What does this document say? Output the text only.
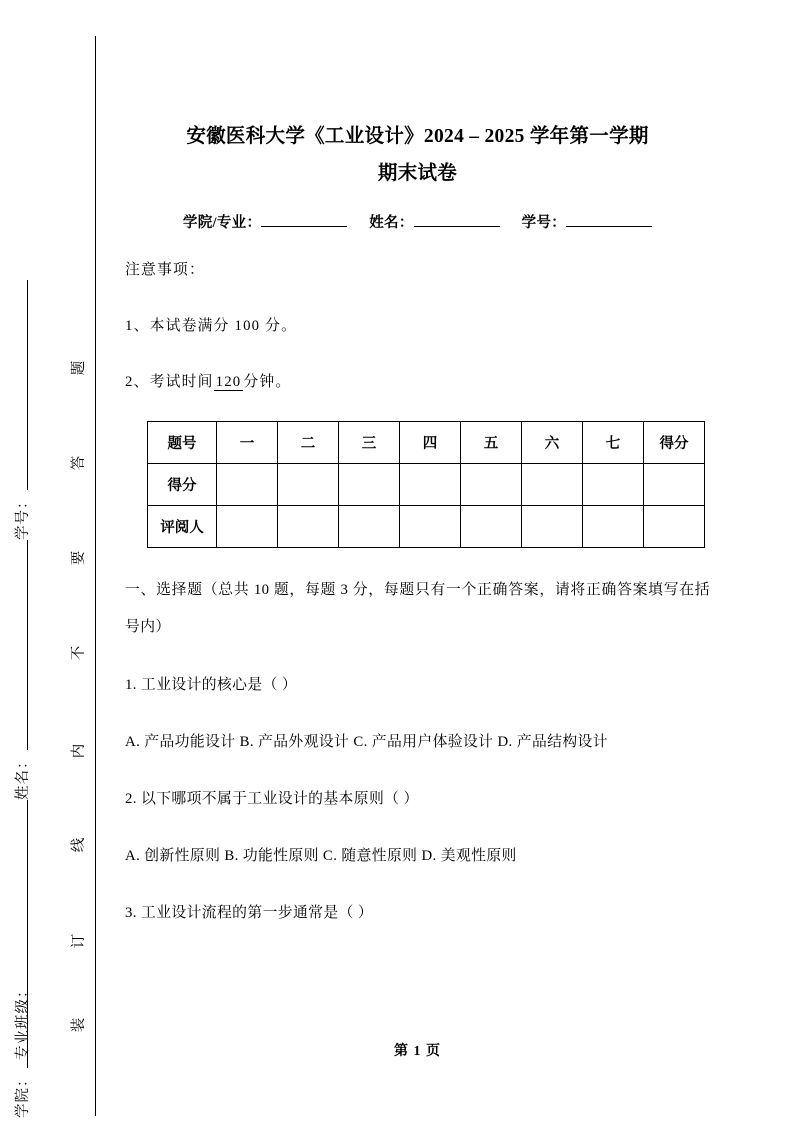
学号：
姓名：
专业班级：
学院：
题
答
要
不
内
线
订
装
安徽医科大学《工业设计》2024 – 2025 学年第一学期
期末试卷
学院/专业：	姓名：	学号：

注意事项：

1、本试卷满分 100 分。

2、考试时间 120 分钟。

题号	一	二	三	四	五	六	七	得分
得分								
评阅人								

一、选择题（总共 10 题，每题 3 分，每题只有一个正确答案，请将正确答案填写在括号内）

1. 工业设计的核心是（ ）

A. 产品功能设计 B. 产品外观设计 C. 产品用户体验设计 D. 产品结构设计

2. 以下哪项不属于工业设计的基本原则（ ）

A. 创新性原则 B. 功能性原则 C. 随意性原则 D. 美观性原则

3. 工业设计流程的第一步通常是（ ）

第 1 页
